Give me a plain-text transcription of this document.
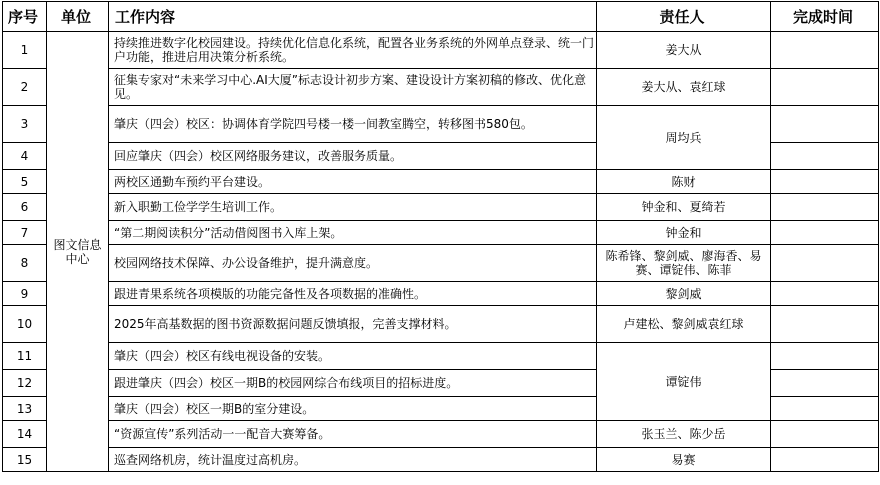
序号	单位	工作内容	责任人	完成时间
1	图文信息中心	持续推进数字化校园建设。持续优化信息化系统，配置各业务系统的外网单点登录、统一门户功能，推进启用决策分析系统。	姜大从	
2		征集专家对“未来学习中心.AI大厦”标志设计初步方案、建设设计方案初稿的修改、优化意见。	姜大从、袁红球	
3		肇庆（四会）校区：协调体育学院四号楼一楼一间教室腾空，转移图书580包。	周均兵	
4		回应肇庆（四会）校区网络服务建议，改善服务质量。		
5		两校区通勤车预约平台建设。	陈财	
6		新入职勤工俭学学生培训工作。	钟金和、夏绮若	
7		“第二期阅读积分”活动借阅图书入库上架。	钟金和	
8		校园网络技术保障、办公设备维护，提升满意度。	陈希锋、黎剑威、廖海香、易赛、谭锭伟、陈菲	
9		跟进青果系统各项模版的功能完备性及各项数据的准确性。	黎剑威	
10		2025年高基数据的图书资源数据问题反馈填报，完善支撑材料。	卢建松、黎剑威袁红球	
11		肇庆（四会）校区有线电视设备的安装。	谭锭伟	
12		跟进肇庆（四会）校区一期B的校园网综合布线项目的招标进度。		
13		肇庆（四会）校区一期B的室分建设。		
14		“资源宣传”系列活动一一配音大赛筹备。	张玉兰、陈少岳	
15		巡查网络机房，统计温度过高机房。	易赛	
